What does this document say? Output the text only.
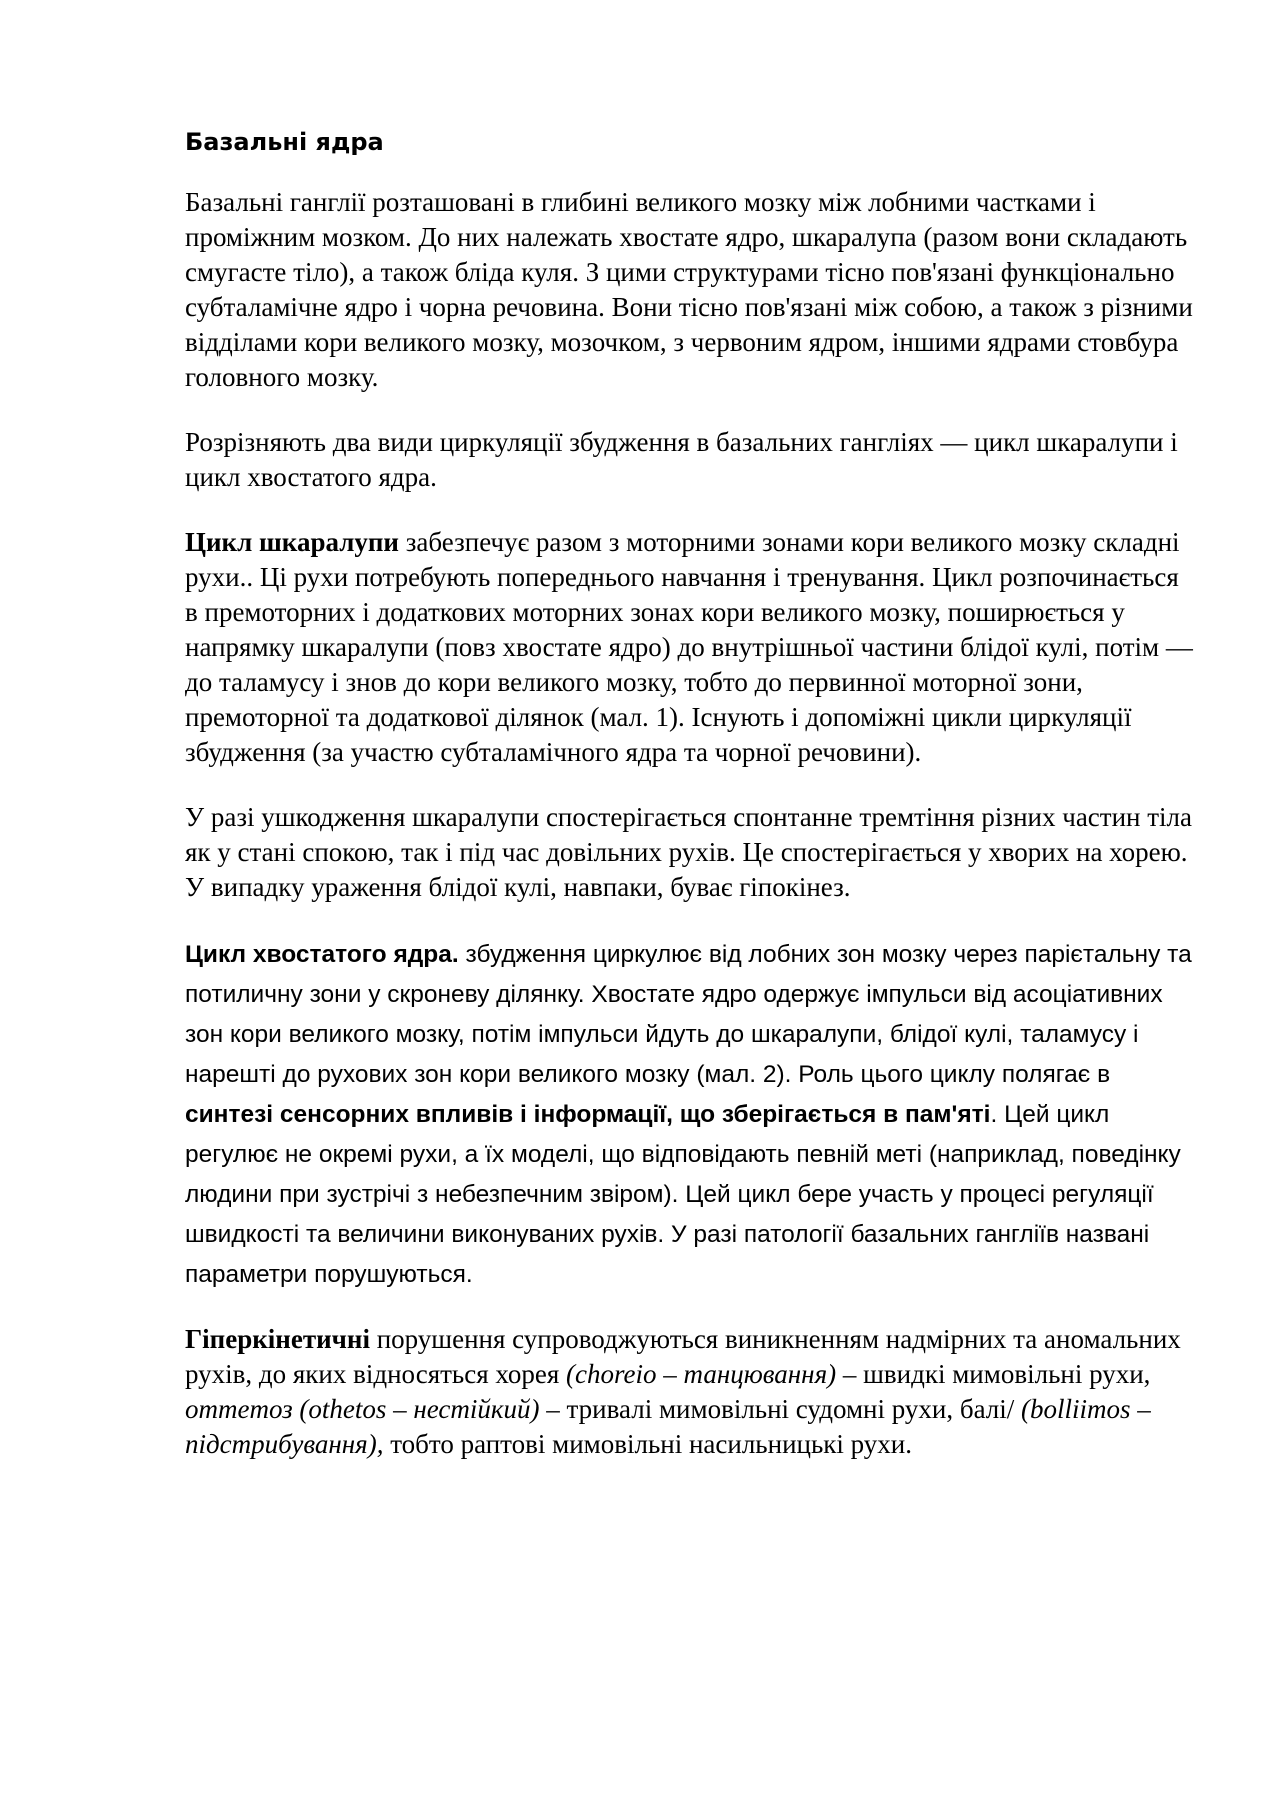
Базальні ядра

Базальні ганглії розташовані в глибині великого мозку між лобними частками і проміжним мозком. До них належать хвостате ядро, шкаралупа (разом вони складають смугасте тіло), а також бліда куля. З цими структурами тісно пов'язані функціонально субталамічне ядро і чорна речовина. Вони тісно пов'язані між собою, а також з різними відділами кори великого мозку, мозочком, з червоним ядром, іншими ядрами стовбура головного мозку.

Розрізняють два види циркуляції збудження в базальних гангліях — цикл шкаралупи і цикл хвостатого ядра.

Цикл шкаралупи забезпечує разом з моторними зонами кори великого мозку складні рухи.. Ці рухи потребують попереднього навчання і тренування. Цикл розпочинається в премоторних і додаткових моторних зонах кори великого мозку, поширюється у напрямку шкаралупи (повз хвостате ядро) до внутрішньої частини блідої кулі, потім — до таламусу і знов до кори великого мозку, тобто до первинної моторної зони, премоторної та додаткової ділянок (мал. 1). Існують і допоміжні цикли циркуляції збудження (за участю субталамічного ядра та чорної речовини).

У разі ушкодження шкаралупи спостерігається спонтанне тремтіння різних частин тіла як у стані спокою, так і під час довільних рухів. Це спостерігається у хворих на хорею. У випадку ураження блідої кулі, навпаки, буває гіпокінез.

Цикл хвостатого ядра. збудження циркулює від лобних зон мозку через парієтальну та потиличну зони у скроневу ділянку. Хвостате ядро одержує імпульси від асоціативних зон кори великого мозку, потім імпульси йдуть до шкаралупи, блідої кулі, таламусу і нарешті до рухових зон кори великого мозку (мал. 2). Роль цього циклу полягає в синтезі сенсорних впливів і інформації, що зберігається в пам'яті. Цей цикл регулює не окремі рухи, а їх моделі, що відповідають певній меті (наприклад, поведінку людини при зустрічі з небезпечним звіром). Цей цикл бере участь у процесі регуляції швидкості та величини виконуваних рухів. У разі патології базальних гангліїв названі параметри порушуються.

Гіперкінетичні порушення супроводжуються виникненням надмірних та аномальних рухів, до яких відносяться хорея (choreio – танцювання) – швидкі мимовільні рухи, ommeтоз (othetos – нестійкий) – тривалі мимовільні судомні рухи, балі/ (bolliimos – підстрибування), тобто раптові мимовільні насильницькі рухи.
